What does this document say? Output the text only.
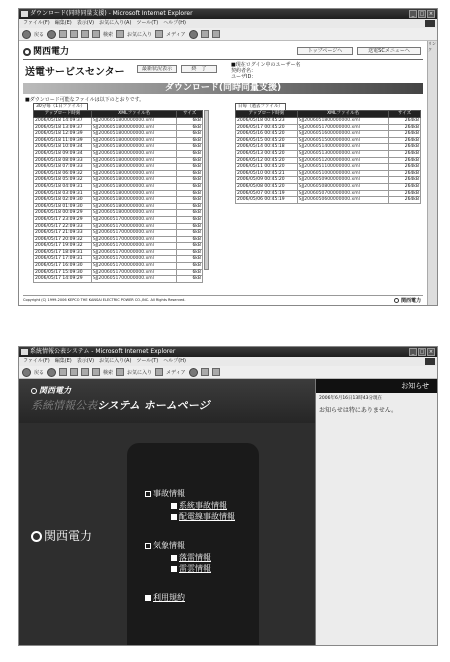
ダウンロード(同時同量支援) - Microsoft Internet Explorer	_	□ ×
ファイル(F) 編集(E) 表示(V) お気に入り(A) ツール(T) ヘルプ(H)
戻る	検索	お気に入り	メディア
リンク
関西電力	トップページへ	送電SCメニューへ
送電サービスセンター	最新状況表示	終　了
■現在ログイン中のユーザー名
契約者名：
ユーザID：
ダウンロード(同時同量支援)
■ダウンロード可能なファイルは以下のとおりです。
30分毎（1日ファイル）	日毎（過去ファイル）
アップロード時刻	XMLファイル名	サイズ
2006/05/18 14:09:37	SJJ2006051800000000.xml	6kB
2006/05/18 13:09:37	SJJ2006051800000000.xml	6kB
2006/05/18 12:09:39	SJJ2006051800000000.xml	6kB
2006/05/18 11:09:39	SJJ2006051800000000.xml	6kB
2006/05/18 10:09:34	SJJ2006051800000000.xml	6kB
2006/05/18 09:09:34	SJJ2006051800000000.xml	6kB
2006/05/18 08:09:33	SJJ2006051800000000.xml	6kB
2006/05/18 07:09:33	SJJ2006051800000000.xml	6kB
2006/05/18 06:09:32	SJJ2006051800000000.xml	6kB
2006/05/18 05:09:32	SJJ2006051800000000.xml	6kB
2006/05/18 04:09:31	SJJ2006051800000000.xml	6kB
2006/05/18 03:09:31	SJJ2006051800000000.xml	6kB
2006/05/18 02:09:30	SJJ2006051800000000.xml	6kB
2006/05/18 01:09:30	SJJ2006051800000000.xml	6kB
2006/05/18 00:09:29	SJJ2006051800000000.xml	6kB
2006/05/17 23:09:29	SJJ2006051700000000.xml	6kB
2006/05/17 22:09:33	SJJ2006051700000000.xml	6kB
2006/05/17 21:09:33	SJJ2006051700000000.xml	6kB
2006/05/17 20:09:32	SJJ2006051700000000.xml	6kB
2006/05/17 19:09:32	SJJ2006051700000000.xml	6kB
2006/05/17 18:09:31	SJJ2006051700000000.xml	6kB
2006/05/17 17:09:31	SJJ2006051700000000.xml	6kB
2006/05/17 16:09:30	SJJ2006051700000000.xml	6kB
2006/05/17 15:09:30	SJJ2006051700000000.xml	6kB
2006/05/17 14:09:29	SJJ2006051700000000.xml	6kB
アップロード時刻	XMLファイル名	サイズ
2006/05/18 00:45:23	SJJ2006051800000000.xml	264kB
2006/05/17 00:45:20	SJJ2006051700000000.xml	264kB
2006/05/16 00:45:20	SJJ2006051600000000.xml	264kB
2006/05/15 00:45:20	SJJ2006051500000000.xml	264kB
2006/05/14 00:45:18	SJJ2006051400000000.xml	264kB
2006/05/13 00:45:20	SJJ2006051300000000.xml	264kB
2006/05/12 00:45:20	SJJ2006051200000000.xml	264kB
2006/05/11 00:45:20	SJJ2006051100000000.xml	264kB
2006/05/10 00:45:21	SJJ2006051000000000.xml	264kB
2006/05/09 00:45:20	SJJ2006050900000000.xml	264kB
2006/05/08 00:45:20	SJJ2006050800000000.xml	264kB
2006/05/07 00:45:19	SJJ2006050700000000.xml	264kB
2006/05/06 00:45:19	SJJ2006050600000000.xml	264kB
Copyright (C) 1999-2006 KEPCO THE KANSAI ELECTRIC POWER CO.,INC. All Rights Reserved.	関西電力
系統情報公表システム - Microsoft Internet Explorer	_	□ ×
ファイル(F) 編集(E) 表示(V) お気に入り(A) ツール(T) ヘルプ(H)
戻る	検索	お気に入り	メディア
関西電力
系統情報公表システム ホームページ
関西電力
事故情報
系統事故情報
配電線事故情報
気象情報
落雷情報
雷雲情報
利用規約
お知らせ
2006年6月16日13時43分現在
お知らせは特にありません。
